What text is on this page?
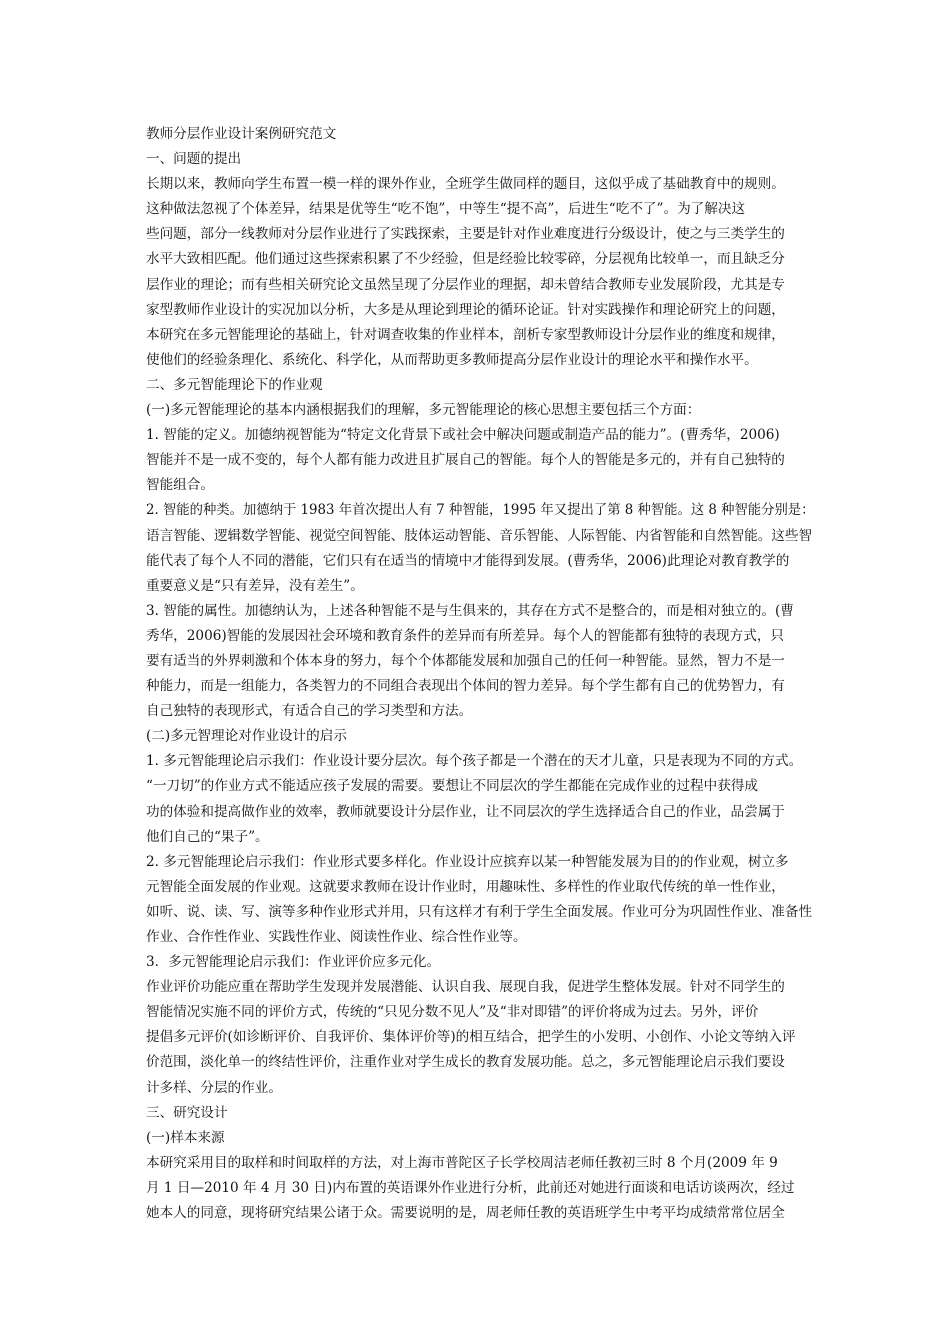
教师分层作业设计案例研究范文
一、问题的提出
长期以来，教师向学生布置一模一样的课外作业，全班学生做同样的题目，这似乎成了基础教育中的规则。
这种做法忽视了个体差异，结果是优等生“吃不饱”，中等生“提不高”，后进生“吃不了”。为了解决这
些问题，部分一线教师对分层作业进行了实践探索，主要是针对作业难度进行分级设计，使之与三类学生的
水平大致相匹配。他们通过这些探索积累了不少经验，但是经验比较零碎，分层视角比较单一，而且缺乏分
层作业的理论；而有些相关研究论文虽然呈现了分层作业的理据，却未曾结合教师专业发展阶段，尤其是专
家型教师作业设计的实况加以分析，大多是从理论到理论的循环论证。针对实践操作和理论研究上的问题，
本研究在多元智能理论的基础上，针对调查收集的作业样本，剖析专家型教师设计分层作业的维度和规律，
使他们的经验条理化、系统化、科学化，从而帮助更多教师提高分层作业设计的理论水平和操作水平。
二、多元智能理论下的作业观
(一)多元智能理论的基本内涵根据我们的理解，多元智能理论的核心思想主要包括三个方面：
1. 智能的定义。加德纳视智能为“特定文化背景下或社会中解决问题或制造产品的能力”。(曹秀华，2006)
智能并不是一成不变的，每个人都有能力改进且扩展自己的智能。每个人的智能是多元的，并有自己独特的
智能组合。
2. 智能的种类。加德纳于 1983 年首次提出人有 7 种智能，1995 年又提出了第 8 种智能。这 8 种智能分别是：
语言智能、逻辑数学智能、视觉空间智能、肢体运动智能、音乐智能、人际智能、内省智能和自然智能。这些智
能代表了每个人不同的潜能，它们只有在适当的情境中才能得到发展。(曹秀华，2006)此理论对教育教学的
重要意义是“只有差异，没有差生”。
3. 智能的属性。加德纳认为，上述各种智能不是与生俱来的，其存在方式不是整合的，而是相对独立的。(曹
秀华，2006)智能的发展因社会环境和教育条件的差异而有所差异。每个人的智能都有独特的表现方式，只
要有适当的外界刺激和个体本身的努力，每个个体都能发展和加强自己的任何一种智能。显然，智力不是一
种能力，而是一组能力，各类智力的不同组合表现出个体间的智力差异。每个学生都有自己的优势智力，有
自己独特的表现形式，有适合自己的学习类型和方法。
(二)多元智理论对作业设计的启示
1. 多元智能理论启示我们：作业设计要分层次。每个孩子都是一个潜在的天才儿童，只是表现为不同的方式。
“一刀切”的作业方式不能适应孩子发展的需要。要想让不同层次的学生都能在完成作业的过程中获得成
功的体验和提高做作业的效率，教师就要设计分层作业，让不同层次的学生选择适合自己的作业，品尝属于
他们自己的“果子”。
2. 多元智能理论启示我们：作业形式要多样化。作业设计应摈弃以某一种智能发展为目的的作业观，树立多
元智能全面发展的作业观。这就要求教师在设计作业时，用趣味性、多样性的作业取代传统的单一性作业，
如听、说、读、写、演等多种作业形式并用，只有这样才有利于学生全面发展。作业可分为巩固性作业、准备性
作业、合作性作业、实践性作业、阅读性作业、综合性作业等。
3．多元智能理论启示我们：作业评价应多元化。
作业评价功能应重在帮助学生发现并发展潜能、认识自我、展现自我，促进学生整体发展。针对不同学生的
智能情况实施不同的评价方式，传统的“只见分数不见人”及“非对即错”的评价将成为过去。另外，评价
提倡多元评价(如诊断评价、自我评价、集体评价等)的相互结合，把学生的小发明、小创作、小论文等纳入评
价范围，淡化单一的终结性评价，注重作业对学生成长的教育发展功能。总之，多元智能理论启示我们要设
计多样、分层的作业。
三、研究设计
(一)样本来源
本研究采用目的取样和时间取样的方法，对上海市普陀区子长学校周洁老师任教初三时 8 个月(2009 年 9
月 1 日—2010 年 4 月 30 日)内布置的英语课外作业进行分析，此前还对她进行面谈和电话访谈两次，经过
她本人的同意，现将研究结果公诸于众。需要说明的是，周老师任教的英语班学生中考平均成绩常常位居全
